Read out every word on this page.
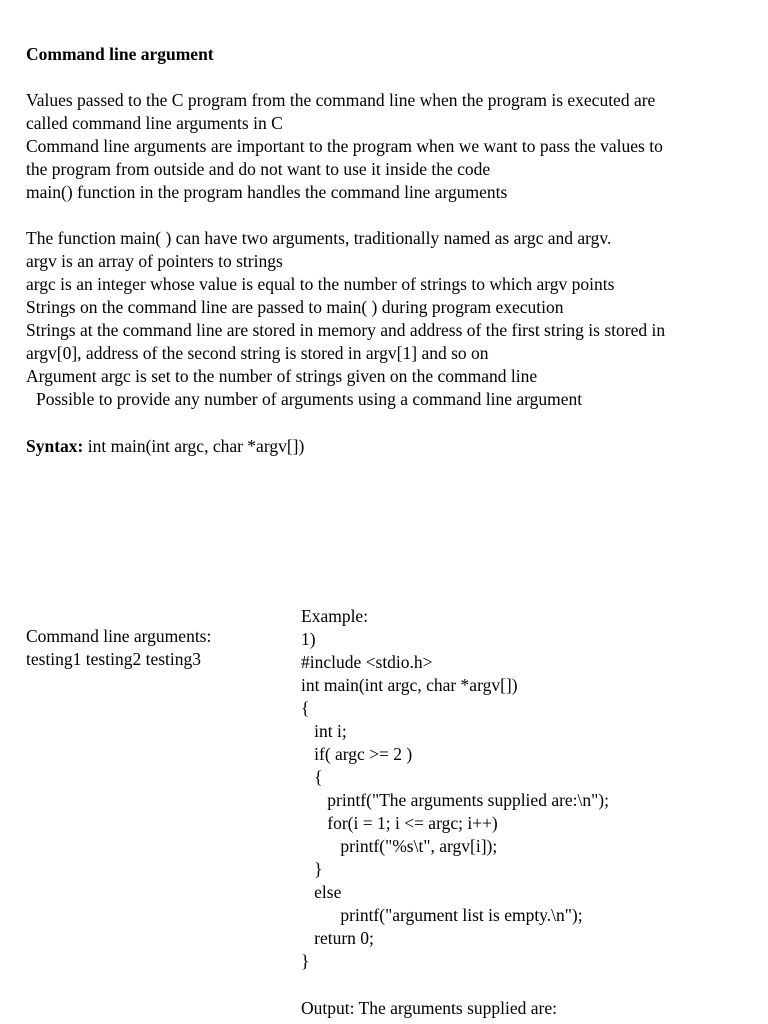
Command line argument
Values passed to the C program from the command line when the program is executed are
called command line arguments in C
Command line arguments are important to the program when we want to pass the values to
the program from outside and do not want to use it inside the code
main() function in the program handles the command line arguments
The function main( ) can have two arguments, traditionally named as argc and argv.
argv is an array of pointers to strings
argc is an integer whose value is equal to the number of strings to which argv points
Strings on the command line are passed to main( ) during program execution
Strings at the command line are stored in memory and address of the first string is stored in
argv[0], address of the second string is stored in argv[1] and so on
Argument argc is set to the number of strings given on the command line
Possible to provide any number of arguments using a command line argument
Syntax: int main(int argc, char *argv[])
Command line arguments:
testing1 testing2 testing3
Example:
1)
#include <stdio.h>
int main(int argc, char *argv[])
{
int i;
if( argc >= 2 )
{
printf("The arguments supplied are:\n");
for(i = 1; i <= argc; i++)
printf("%s\t", argv[i]);
}
else
printf("argument list is empty.\n");
return 0;
}
Output: The arguments supplied are:
